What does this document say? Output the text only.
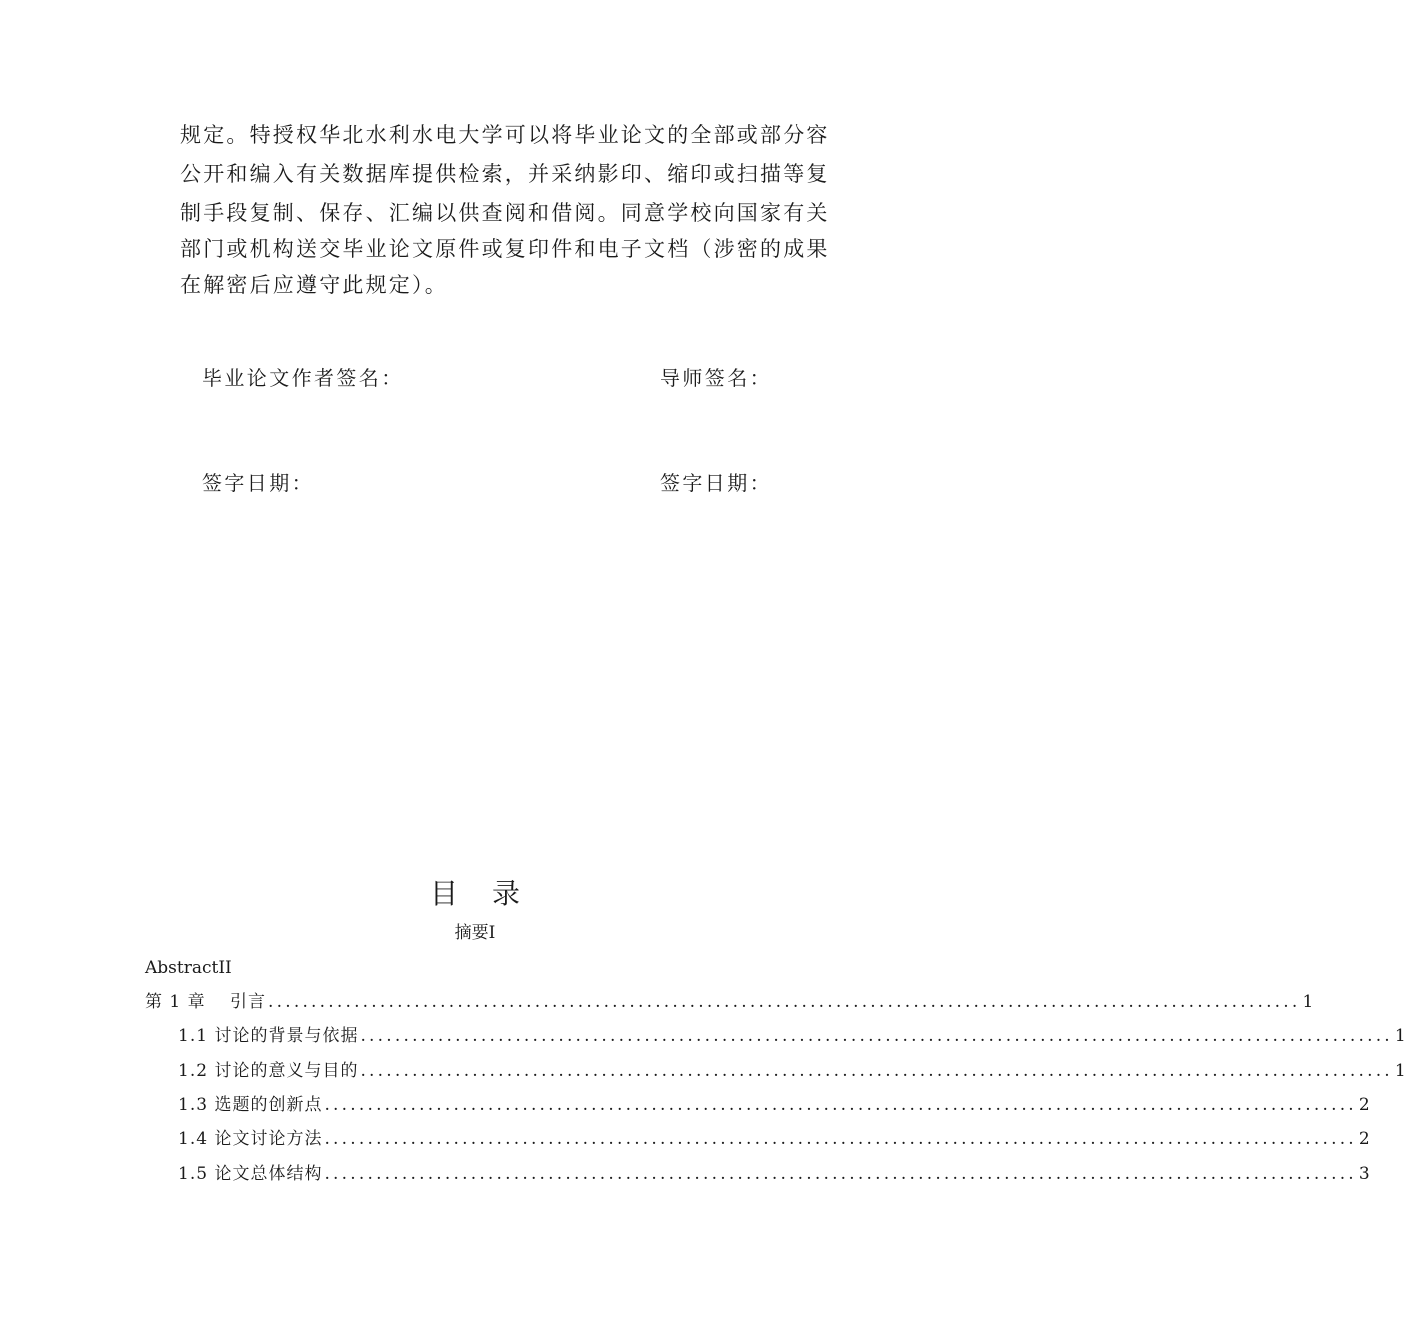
规定。特授权华北水利水电大学可以将毕业论文的全部或部分容
公开和编入有关数据库提供检索，并采纳影印、缩印或扫描等复
制手段复制、保存、汇编以供查阅和借阅。同意学校向国家有关
部门或机构送交毕业论文原件或复印件和电子文档（涉密的成果
在解密后应遵守此规定）。
毕业论文作者签名：	导师签名：
签字日期：	签字日期：
目 录
摘要Ⅰ
AbstractII
第 1 章　 引言 ........................................................................................................................ 1
1.1 讨论的背景与依据 ........................................................................................................................ 1
1.2 讨论的意义与目的 ........................................................................................................................ 1
1.3 选题的创新点 ........................................................................................................................ 2
1.4 论文讨论方法 ........................................................................................................................ 2
1.5 论文总体结构 ........................................................................................................................ 3
